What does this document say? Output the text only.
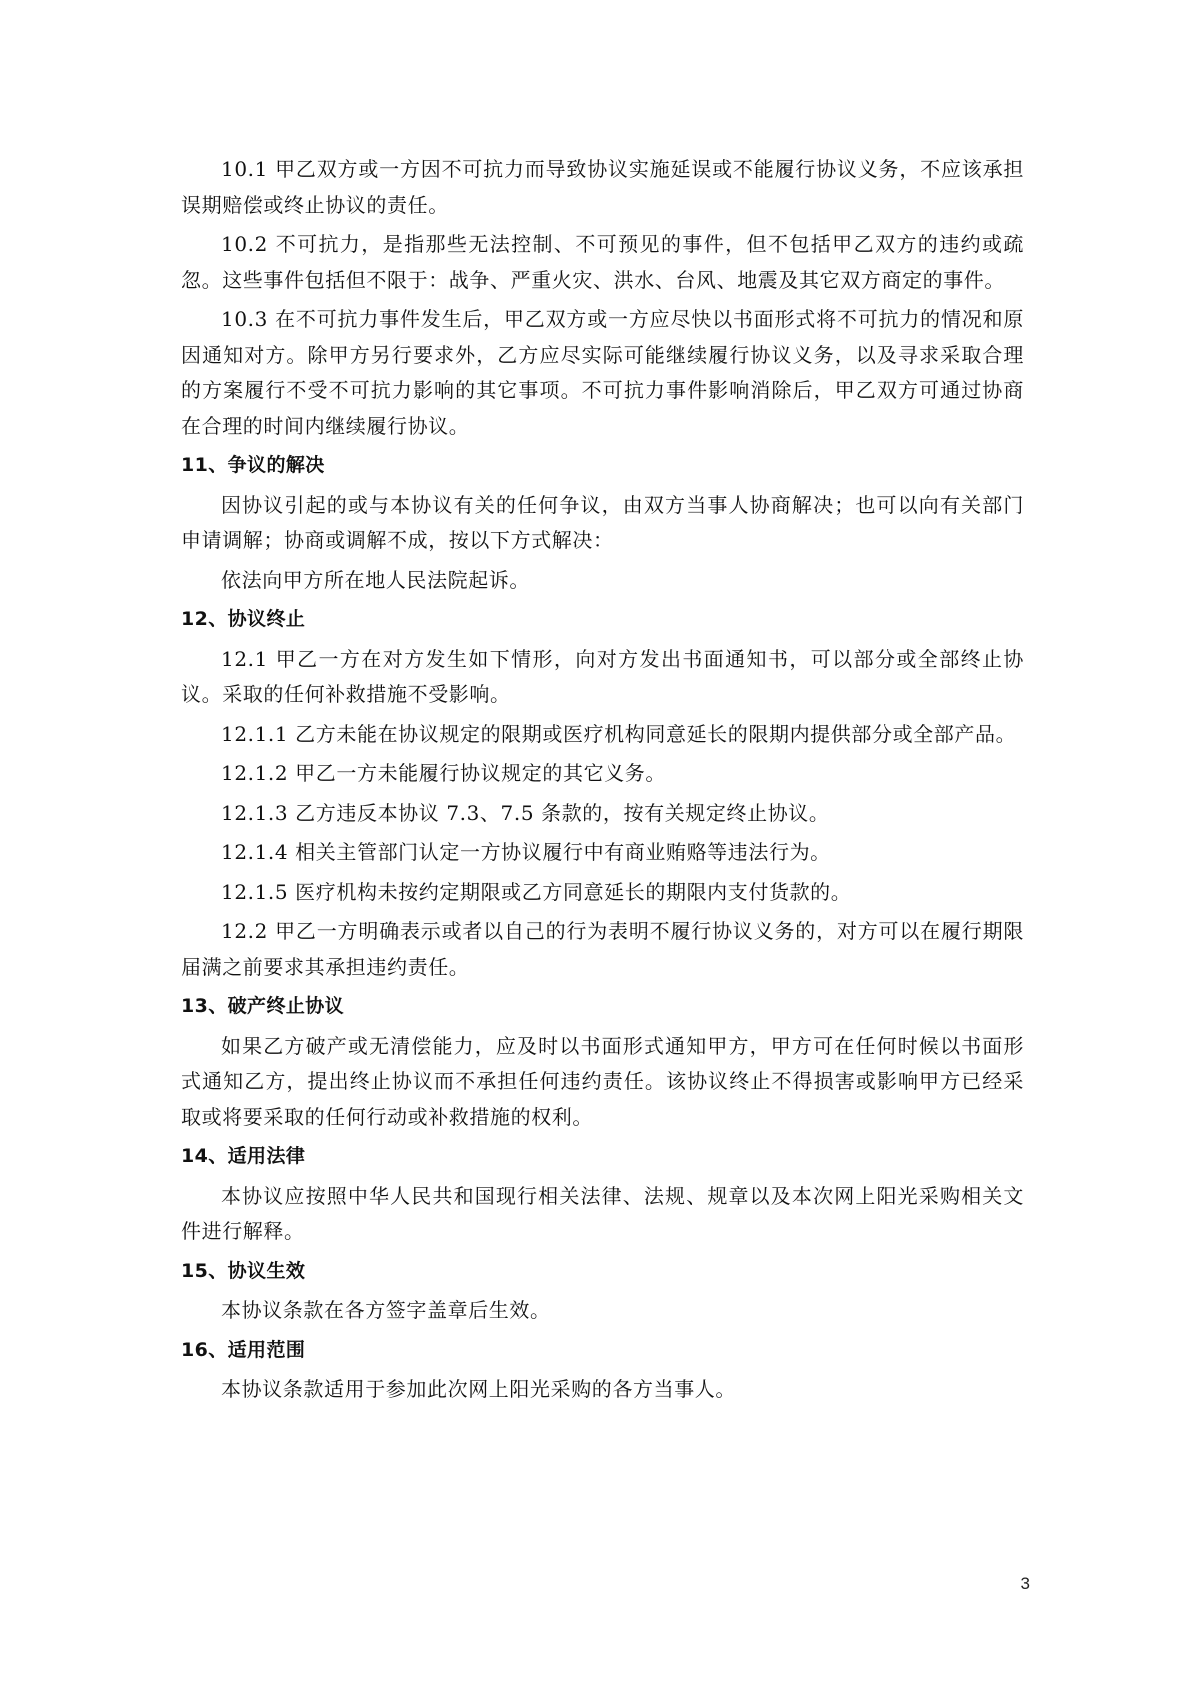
10.1 甲乙双方或一方因不可抗力而导致协议实施延误或不能履行协议义务，不应该承担误期赔偿或终止协议的责任。

10.2 不可抗力，是指那些无法控制、不可预见的事件，但不包括甲乙双方的违约或疏忽。这些事件包括但不限于：战争、严重火灾、洪水、台风、地震及其它双方商定的事件。

10.3 在不可抗力事件发生后，甲乙双方或一方应尽快以书面形式将不可抗力的情况和原因通知对方。除甲方另行要求外，乙方应尽实际可能继续履行协议义务，以及寻求采取合理的方案履行不受不可抗力影响的其它事项。不可抗力事件影响消除后，甲乙双方可通过协商在合理的时间内继续履行协议。

11、争议的解决

因协议引起的或与本协议有关的任何争议，由双方当事人协商解决；也可以向有关部门申请调解；协商或调解不成，按以下方式解决：

依法向甲方所在地人民法院起诉。

12、协议终止

12.1 甲乙一方在对方发生如下情形，向对方发出书面通知书，可以部分或全部终止协议。采取的任何补救措施不受影响。

12.1.1 乙方未能在协议规定的限期或医疗机构同意延长的限期内提供部分或全部产品。

12.1.2 甲乙一方未能履行协议规定的其它义务。

12.1.3 乙方违反本协议 7.3、7.5 条款的，按有关规定终止协议。

12.1.4 相关主管部门认定一方协议履行中有商业贿赂等违法行为。

12.1.5 医疗机构未按约定期限或乙方同意延长的期限内支付货款的。

12.2 甲乙一方明确表示或者以自己的行为表明不履行协议义务的，对方可以在履行期限届满之前要求其承担违约责任。

13、破产终止协议

如果乙方破产或无清偿能力，应及时以书面形式通知甲方，甲方可在任何时候以书面形式通知乙方，提出终止协议而不承担任何违约责任。该协议终止不得损害或影响甲方已经采取或将要采取的任何行动或补救措施的权利。

14、适用法律

本协议应按照中华人民共和国现行相关法律、法规、规章以及本次网上阳光采购相关文件进行解释。

15、协议生效

本协议条款在各方签字盖章后生效。

16、适用范围

本协议条款适用于参加此次网上阳光采购的各方当事人。

3
